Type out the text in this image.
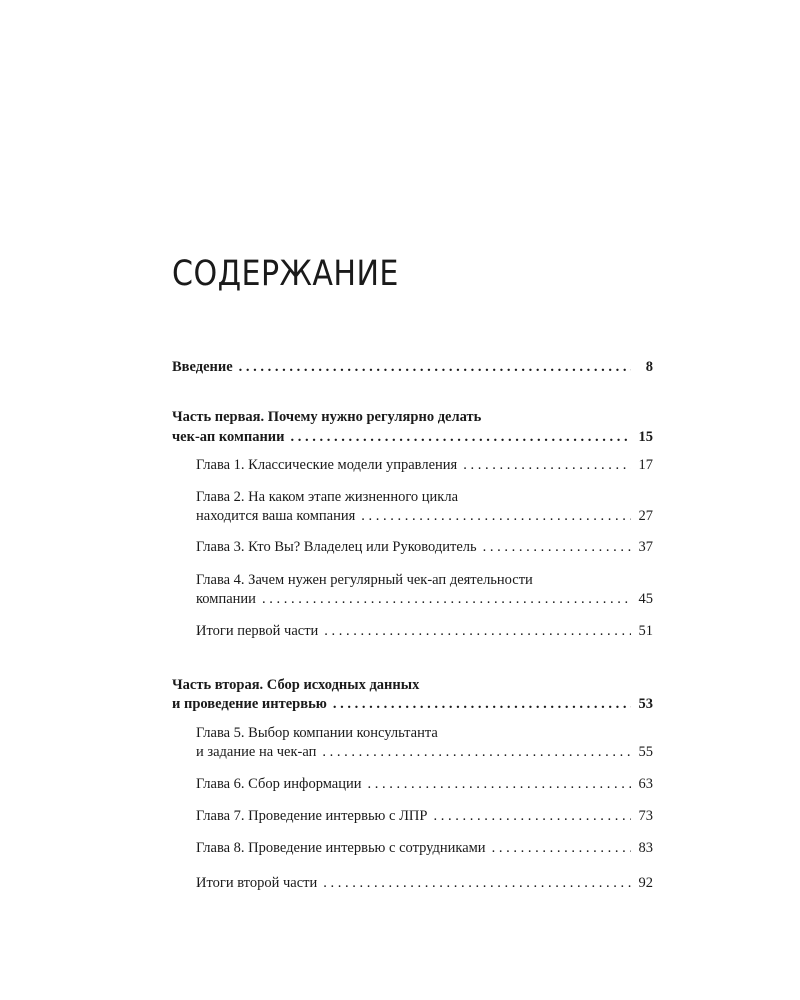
СОДЕРЖАНИЕ
Введение . . .	8
Часть первая. Почему нужно регулярно делать
чек-ап компании . . .	15
Глава 1. Классические модели управления . . .	17
Глава 2. На каком этапе жизненного цикла
находится ваша компания . . .	27
Глава 3. Кто Вы? Владелец или Руководитель . . .	37
Глава 4. Зачем нужен регулярный чек-ап деятельности
компании . . .	45
Итоги первой части . . .	51
Часть вторая. Сбор исходных данных
и проведение интервью . . .	53
Глава 5. Выбор компании консультанта
и задание на чек-ап . . .	55
Глава 6. Сбор информации . . .	63
Глава 7. Проведение интервью с ЛПР . . .	73
Глава 8. Проведение интервью с сотрудниками . . .	83
Итоги второй части . . .	92
